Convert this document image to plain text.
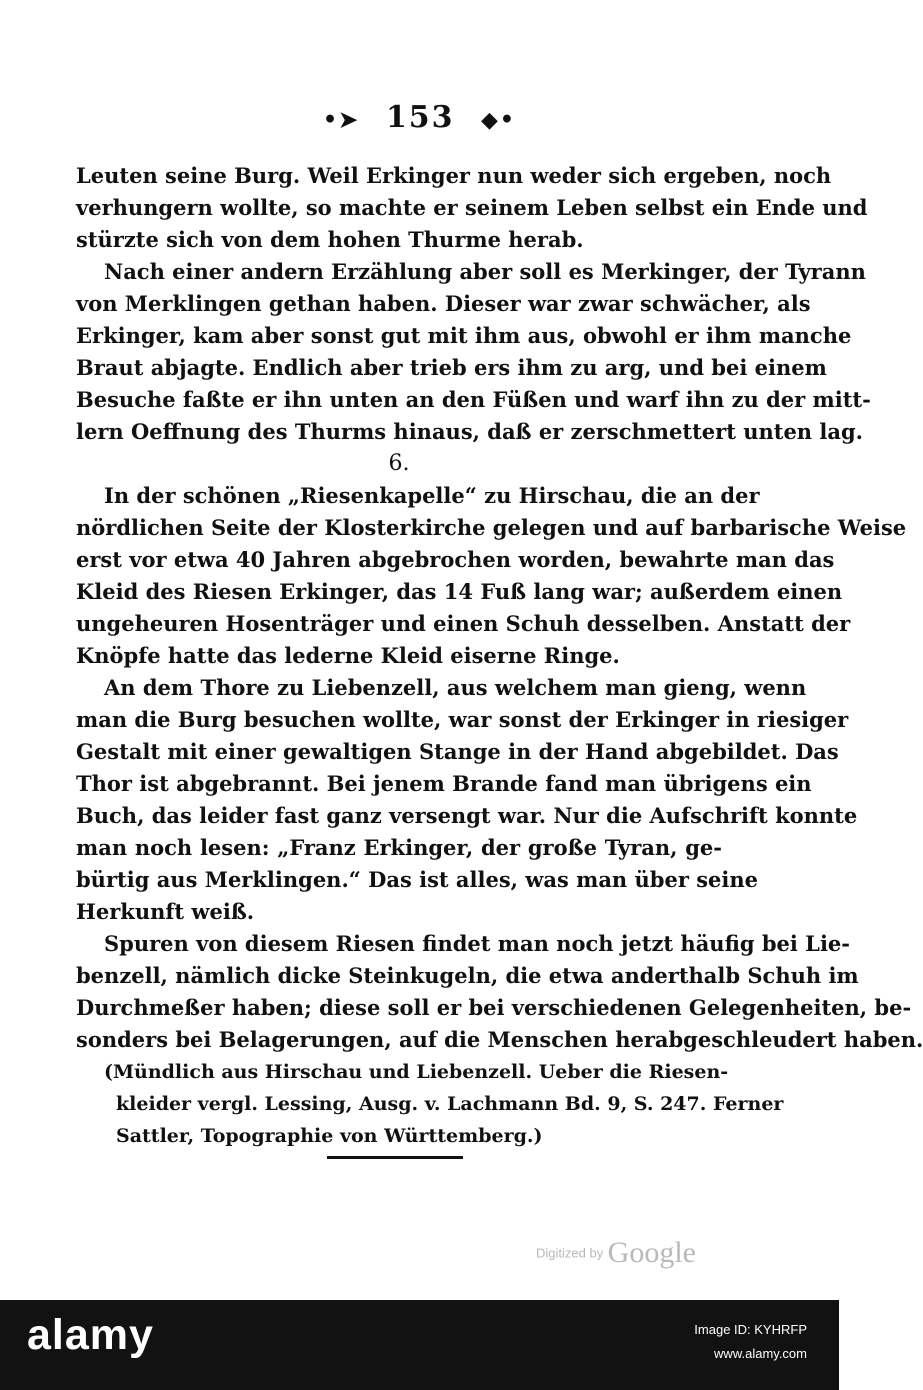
•➤ 153 ◆•
Leuten seine Burg. Weil Erkinger nun weder sich ergeben, noch
verhungern wollte, so machte er seinem Leben selbst ein Ende und
stürzte sich von dem hohen Thurme herab.
Nach einer andern Erzählung aber soll es Merkinger, der Tyrann
von Merklingen gethan haben. Dieser war zwar schwächer, als
Erkinger, kam aber sonst gut mit ihm aus, obwohl er ihm manche
Braut abjagte. Endlich aber trieb ers ihm zu arg, und bei einem
Besuche faßte er ihn unten an den Füßen und warf ihn zu der mitt-
lern Oeffnung des Thurms hinaus, daß er zerschmettert unten lag.
6.
In der schönen „Riesenkapelle“ zu Hirschau, die an der
nördlichen Seite der Klosterkirche gelegen und auf barbarische Weise
erst vor etwa 40 Jahren abgebrochen worden, bewahrte man das
Kleid des Riesen Erkinger, das 14 Fuß lang war; außerdem einen
ungeheuren Hosenträger und einen Schuh desselben. Anstatt der
Knöpfe hatte das lederne Kleid eiserne Ringe.
An dem Thore zu Liebenzell, aus welchem man gieng, wenn
man die Burg besuchen wollte, war sonst der Erkinger in riesiger
Gestalt mit einer gewaltigen Stange in der Hand abgebildet. Das
Thor ist abgebrannt. Bei jenem Brande fand man übrigens ein
Buch, das leider fast ganz versengt war. Nur die Aufschrift konnte
man noch lesen: „Franz Erkinger, der große Tyran, ge-
bürtig aus Merklingen.“ Das ist alles, was man über seine
Herkunft weiß.
Spuren von diesem Riesen findet man noch jetzt häufig bei Lie-
benzell, nämlich dicke Steinkugeln, die etwa anderthalb Schuh im
Durchmeßer haben; diese soll er bei verschiedenen Gelegenheiten, be-
sonders bei Belagerungen, auf die Menschen herabgeschleudert haben.
(Mündlich aus Hirschau und Liebenzell. Ueber die Riesen-
kleider vergl. Lessing, Ausg. v. Lachmann Bd. 9, S. 247. Ferner
Sattler, Topographie von Württemberg.)
Digitized by Google
alamy	Image ID: KYHRFP
www.alamy.com
